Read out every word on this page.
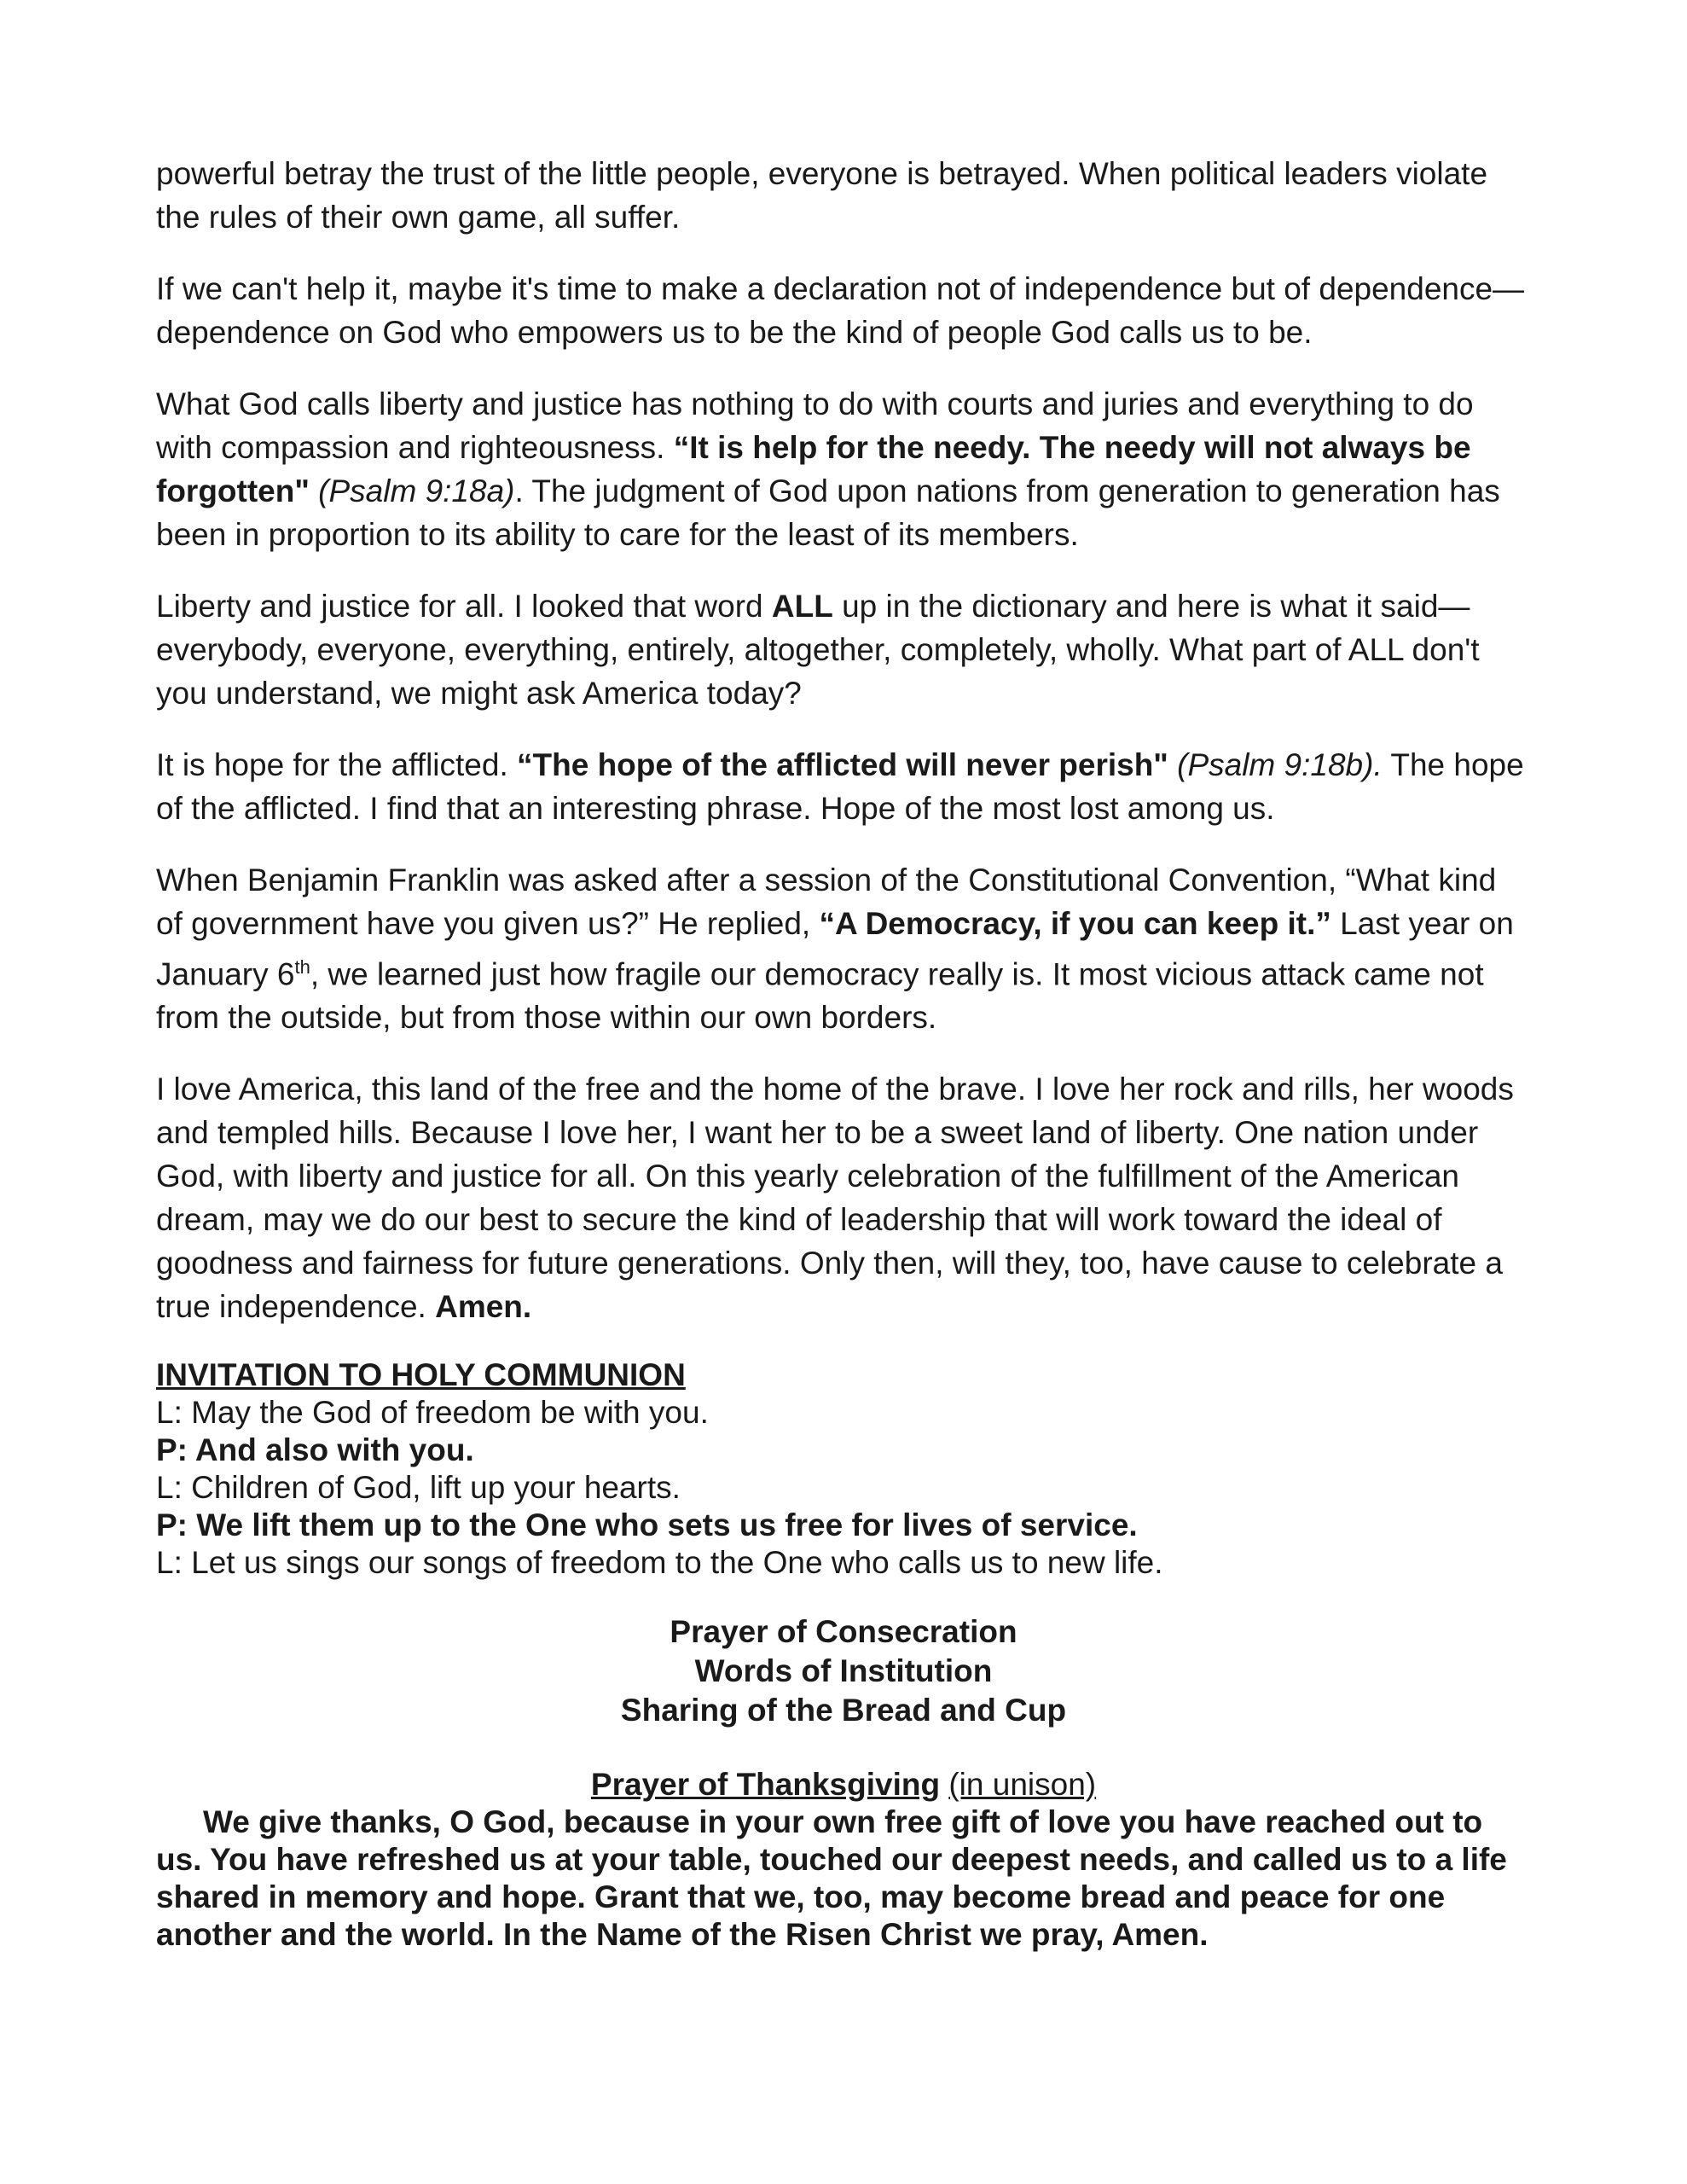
powerful betray the trust of the little people, everyone is betrayed. When political leaders violate the rules of their own game, all suffer.

If we can't help it, maybe it's time to make a declaration not of independence but of dependence—dependence on God who empowers us to be the kind of people God calls us to be.

What God calls liberty and justice has nothing to do with courts and juries and everything to do with compassion and righteousness. “It is help for the needy. The needy will not always be forgotten" (Psalm 9:18a). The judgment of God upon nations from generation to generation has been in proportion to its ability to care for the least of its members.

Liberty and justice for all. I looked that word ALL up in the dictionary and here is what it said—everybody, everyone, everything, entirely, altogether, completely, wholly. What part of ALL don't you understand, we might ask America today?

It is hope for the afflicted. “The hope of the afflicted will never perish" (Psalm 9:18b). The hope of the afflicted. I find that an interesting phrase. Hope of the most lost among us.

When Benjamin Franklin was asked after a session of the Constitutional Convention, “What kind of government have you given us?” He replied, “A Democracy, if you can keep it.” Last year on January 6th, we learned just how fragile our democracy really is. It most vicious attack came not from the outside, but from those within our own borders.

I love America, this land of the free and the home of the brave. I love her rock and rills, her woods and templed hills. Because I love her, I want her to be a sweet land of liberty. One nation under God, with liberty and justice for all. On this yearly celebration of the fulfillment of the American dream, may we do our best to secure the kind of leadership that will work toward the ideal of goodness and fairness for future generations. Only then, will they, too, have cause to celebrate a true independence. Amen.

INVITATION TO HOLY COMMUNION
L: May the God of freedom be with you.
P: And also with you.
L: Children of God, lift up your hearts.
P: We lift them up to the One who sets us free for lives of service.
L: Let us sings our songs of freedom to the One who calls us to new life.
Prayer of Consecration
Words of Institution
Sharing of the Bread and Cup
Prayer of Thanksgiving (in unison)
We give thanks, O God, because in your own free gift of love you have reached out to us. You have refreshed us at your table, touched our deepest needs, and called us to a life shared in memory and hope. Grant that we, too, may become bread and peace for one another and the world. In the Name of the Risen Christ we pray, Amen.
